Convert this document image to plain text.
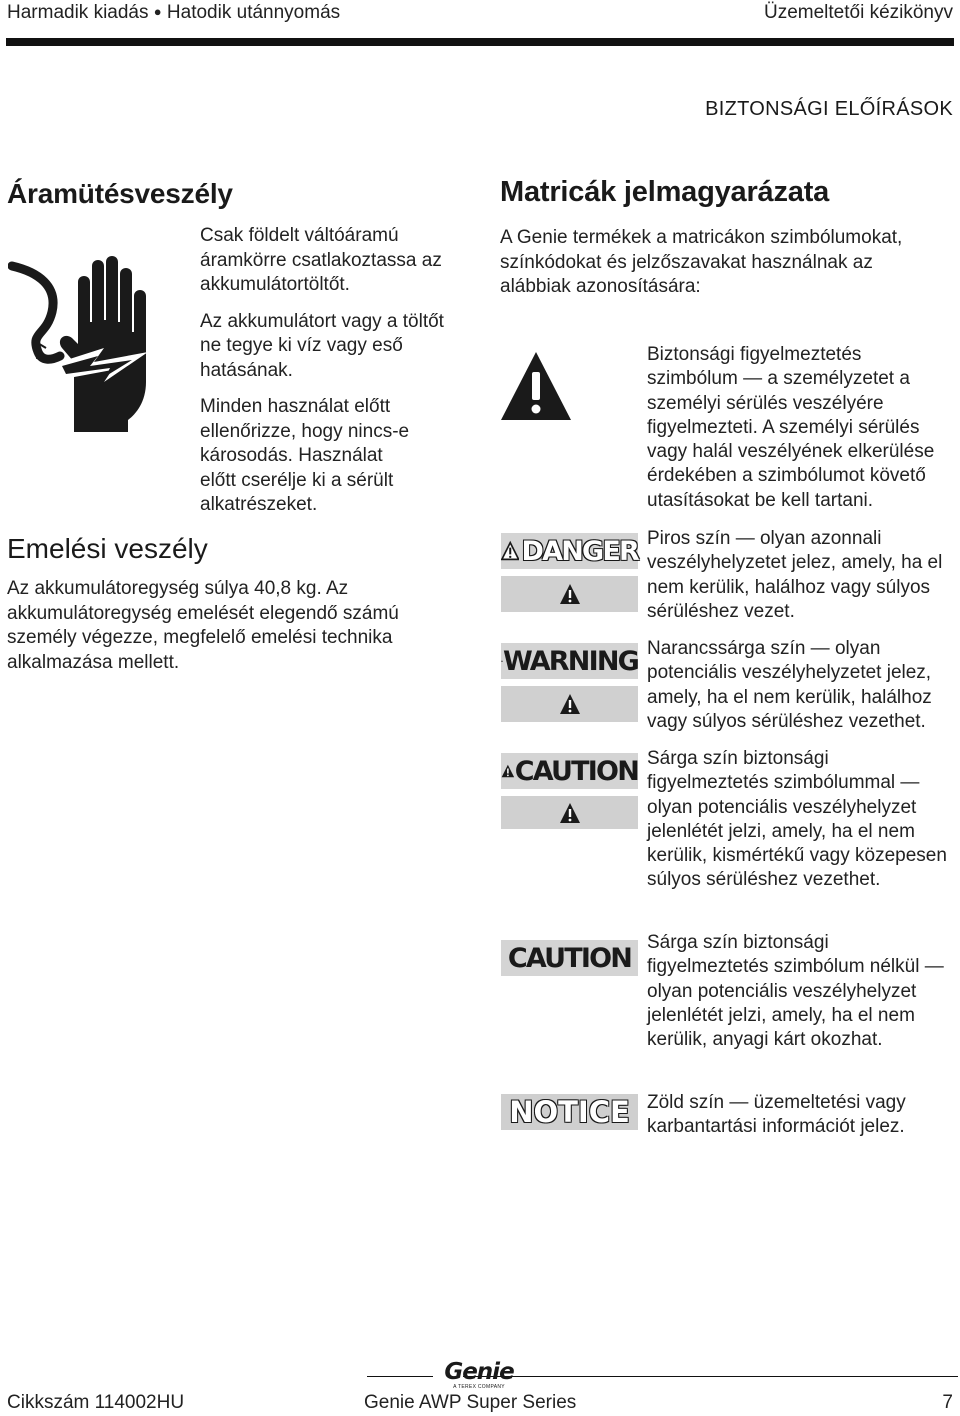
Harmadik kiadás ● Hatodik utánnyomás	Üzemeltetői kézikönyv
BIZTONSÁGI ELŐÍRÁSOK
Áramütésveszély

Csak földelt váltóáramú áramkörre csatlakoztassa az akkumulátortöltőt.

Az akkumulátort vagy a töltőt ne tegye ki víz vagy eső hatásának.

Minden használat előtt ellenőrizze, hogy nincs-e károsodás. Használat előtt cserélje ki a sérült alkatrészeket.

Emelési veszély
Az akkumulátoregység súlya 40,8 kg. Az akkumulátoregység emelését elegendő számú személy végezze, megfelelő emelési technika alkalmazása mellett.
Matricák jelmagyarázata
A Genie termékek a matricákon szimbólumokat, színkódokat és jelzőszavakat használnak az alábbiak azonosítására:
Biztonsági figyelmeztetés szimbólum — a személyzetet a személyi sérülés veszélyére figyelmezteti. A személyi sérülés vagy halál veszélyének elkerülése érdekében a szimbólumot követő utasításokat be kell tartani.
DANGER Piros szín — olyan azonnali veszélyhelyzetet jelez, amely, ha el nem kerülik, halálhoz vagy súlyos sérüléshez vezet.
WARNING Narancssárga szín — olyan potenciális veszélyhelyzetet jelez, amely, ha el nem kerülik, halálhoz vagy súlyos sérüléshez vezethet.
CAUTION Sárga szín biztonsági figyelmeztetés szimbólummal — olyan potenciális veszélyhelyzet jelenlétét jelzi, amely, ha el nem kerülik, kismértékű vagy közepesen súlyos sérüléshez vezethet.
CAUTION Sárga szín biztonsági figyelmeztetés szimbólum nélkül — olyan potenciális veszélyhelyzet jelenlétét jelzi, amely, ha el nem kerülik, anyagi kárt okozhat.
NOTICE Zöld szín — üzemeltetési vagy karbantartási információt jelez.
Genie
A TEREX COMPANY
Cikkszám 114002HU	Genie AWP Super Series	7
